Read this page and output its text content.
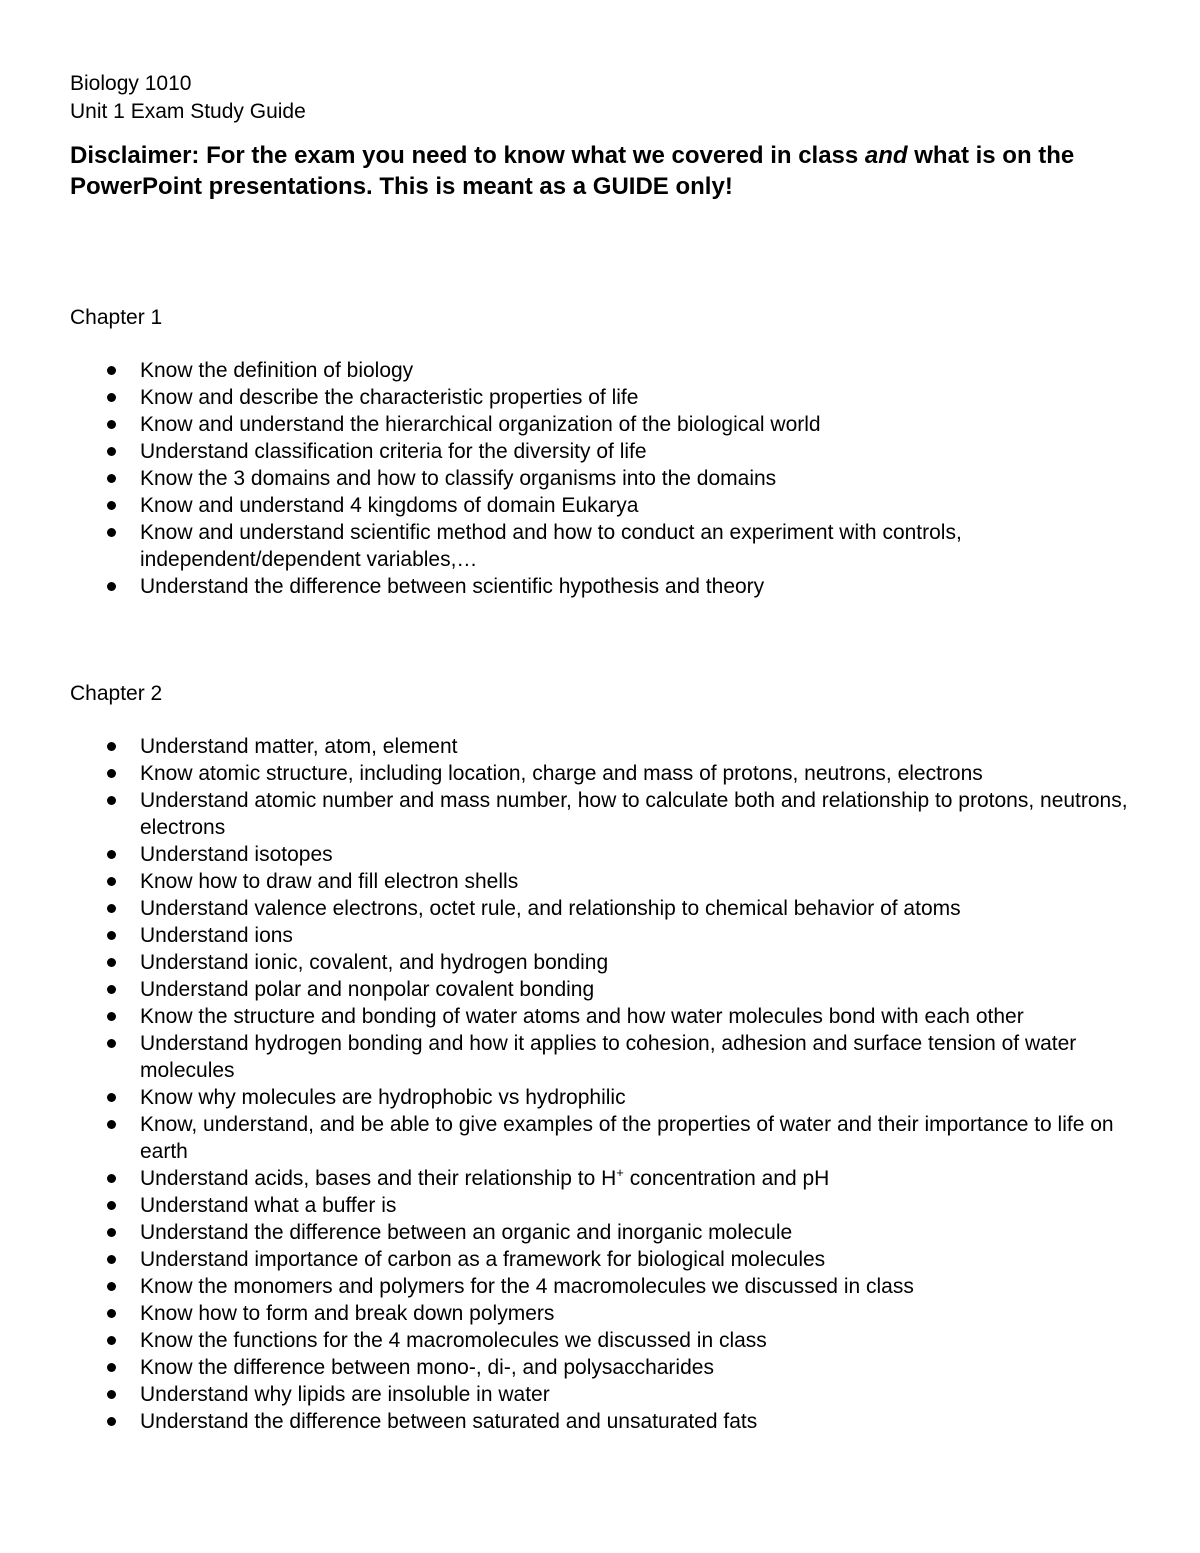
Biology 1010

Unit 1 Exam Study Guide

Disclaimer: For the exam you need to know what we covered in class and what is on the PowerPoint presentations. This is meant as a GUIDE only!

Chapter 1

Know the definition of biology
Know and describe the characteristic properties of life
Know and understand the hierarchical organization of the biological world
Understand classification criteria for the diversity of life
Know the 3 domains and how to classify organisms into the domains
Know and understand 4 kingdoms of domain Eukarya
Know and understand scientific method and how to conduct an experiment with controls, independent/dependent variables,…
Understand the difference between scientific hypothesis and theory

Chapter 2

Understand matter, atom, element
Know atomic structure, including location, charge and mass of protons, neutrons, electrons
Understand atomic number and mass number, how to calculate both and relationship to protons, neutrons, electrons
Understand isotopes
Know how to draw and fill electron shells
Understand valence electrons, octet rule, and relationship to chemical behavior of atoms
Understand ions
Understand ionic, covalent, and hydrogen bonding
Understand polar and nonpolar covalent bonding
Know the structure and bonding of water atoms and how water molecules bond with each other
Understand hydrogen bonding and how it applies to cohesion, adhesion and surface tension of water molecules
Know why molecules are hydrophobic vs hydrophilic
Know, understand, and be able to give examples of the properties of water and their importance to life on earth
Understand acids, bases and their relationship to H+ concentration and pH
Understand what a buffer is
Understand the difference between an organic and inorganic molecule
Understand importance of carbon as a framework for biological molecules
Know the monomers and polymers for the 4 macromolecules we discussed in class
Know how to form and break down polymers
Know the functions for the 4 macromolecules we discussed in class
Know the difference between mono-, di-, and polysaccharides
Understand why lipids are insoluble in water
Understand the difference between saturated and unsaturated fats
